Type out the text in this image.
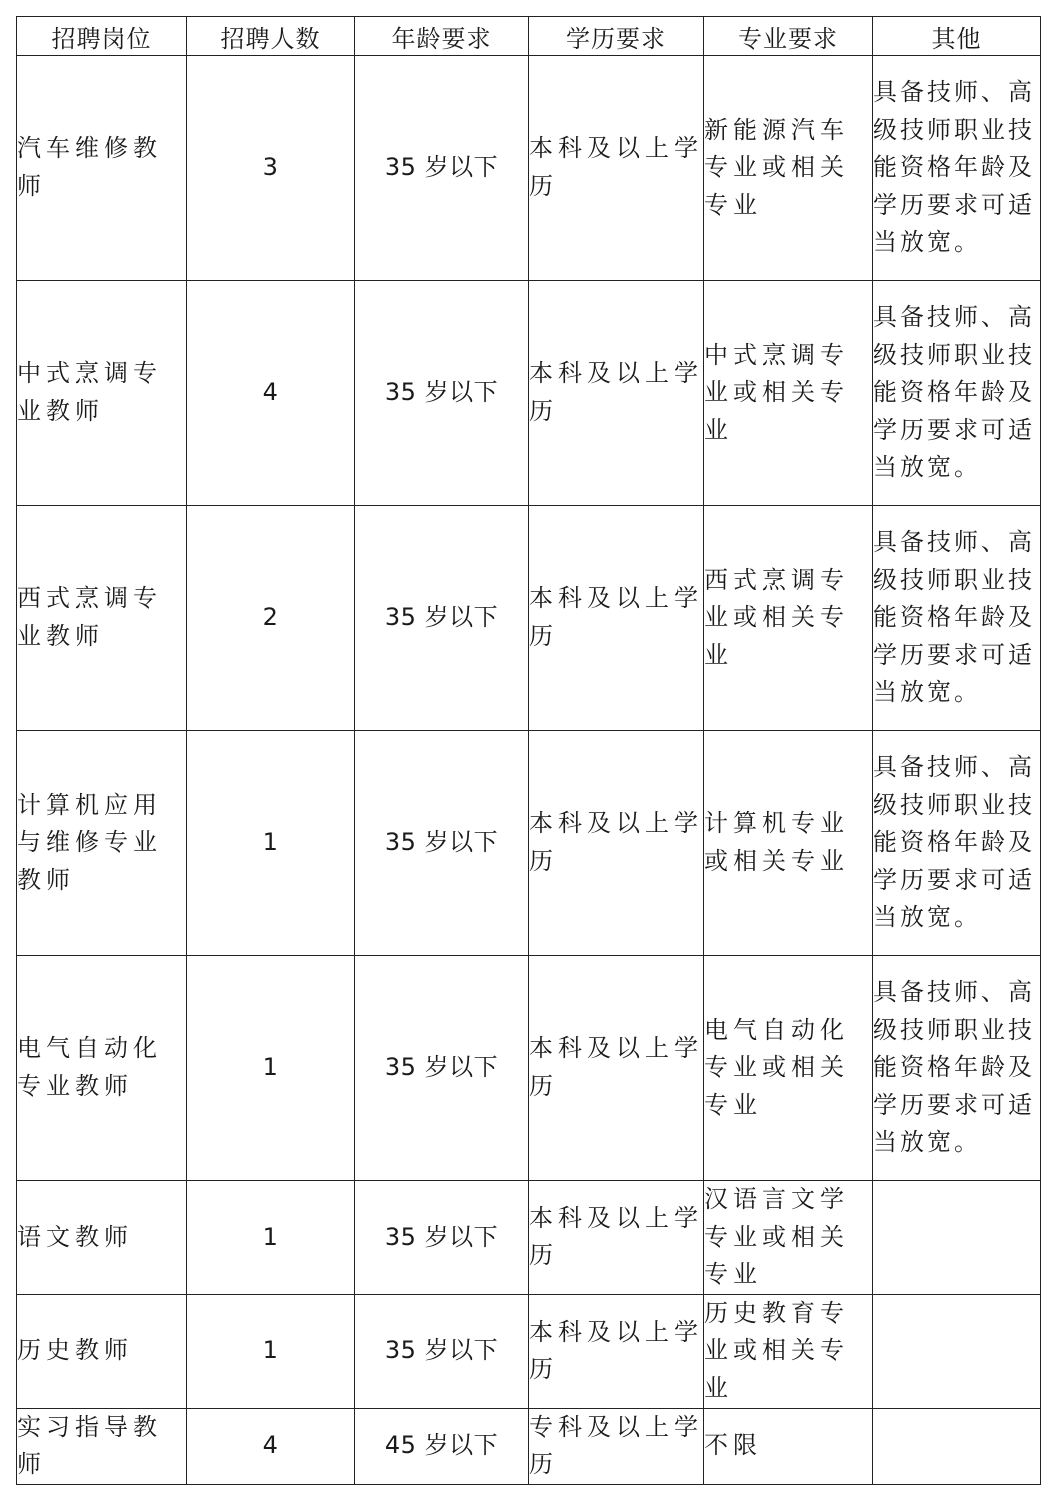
招聘岗位	招聘人数	年龄要求	学历要求	专业要求	其他
汽车维修教师	3	35 岁以下	本科及以上学历	新能源汽车专业或相关专业	具备技师、高级技师职业技能资格年龄及学历要求可适当放宽。
中式烹调专业教师	4	35 岁以下	本科及以上学历	中式烹调专业或相关专业	具备技师、高级技师职业技能资格年龄及学历要求可适当放宽。
西式烹调专业教师	2	35 岁以下	本科及以上学历	西式烹调专业或相关专业	具备技师、高级技师职业技能资格年龄及学历要求可适当放宽。
计算机应用与维修专业教师	1	35 岁以下	本科及以上学历	计算机专业或相关专业	具备技师、高级技师职业技能资格年龄及学历要求可适当放宽。
电气自动化专业教师	1	35 岁以下	本科及以上学历	电气自动化专业或相关专业	具备技师、高级技师职业技能资格年龄及学历要求可适当放宽。
语文教师	1	35 岁以下	本科及以上学历	汉语言文学专业或相关专业	
历史教师	1	35 岁以下	本科及以上学历	历史教育专业或相关专业	
实习指导教师	4	45 岁以下	专科及以上学历	不限	
